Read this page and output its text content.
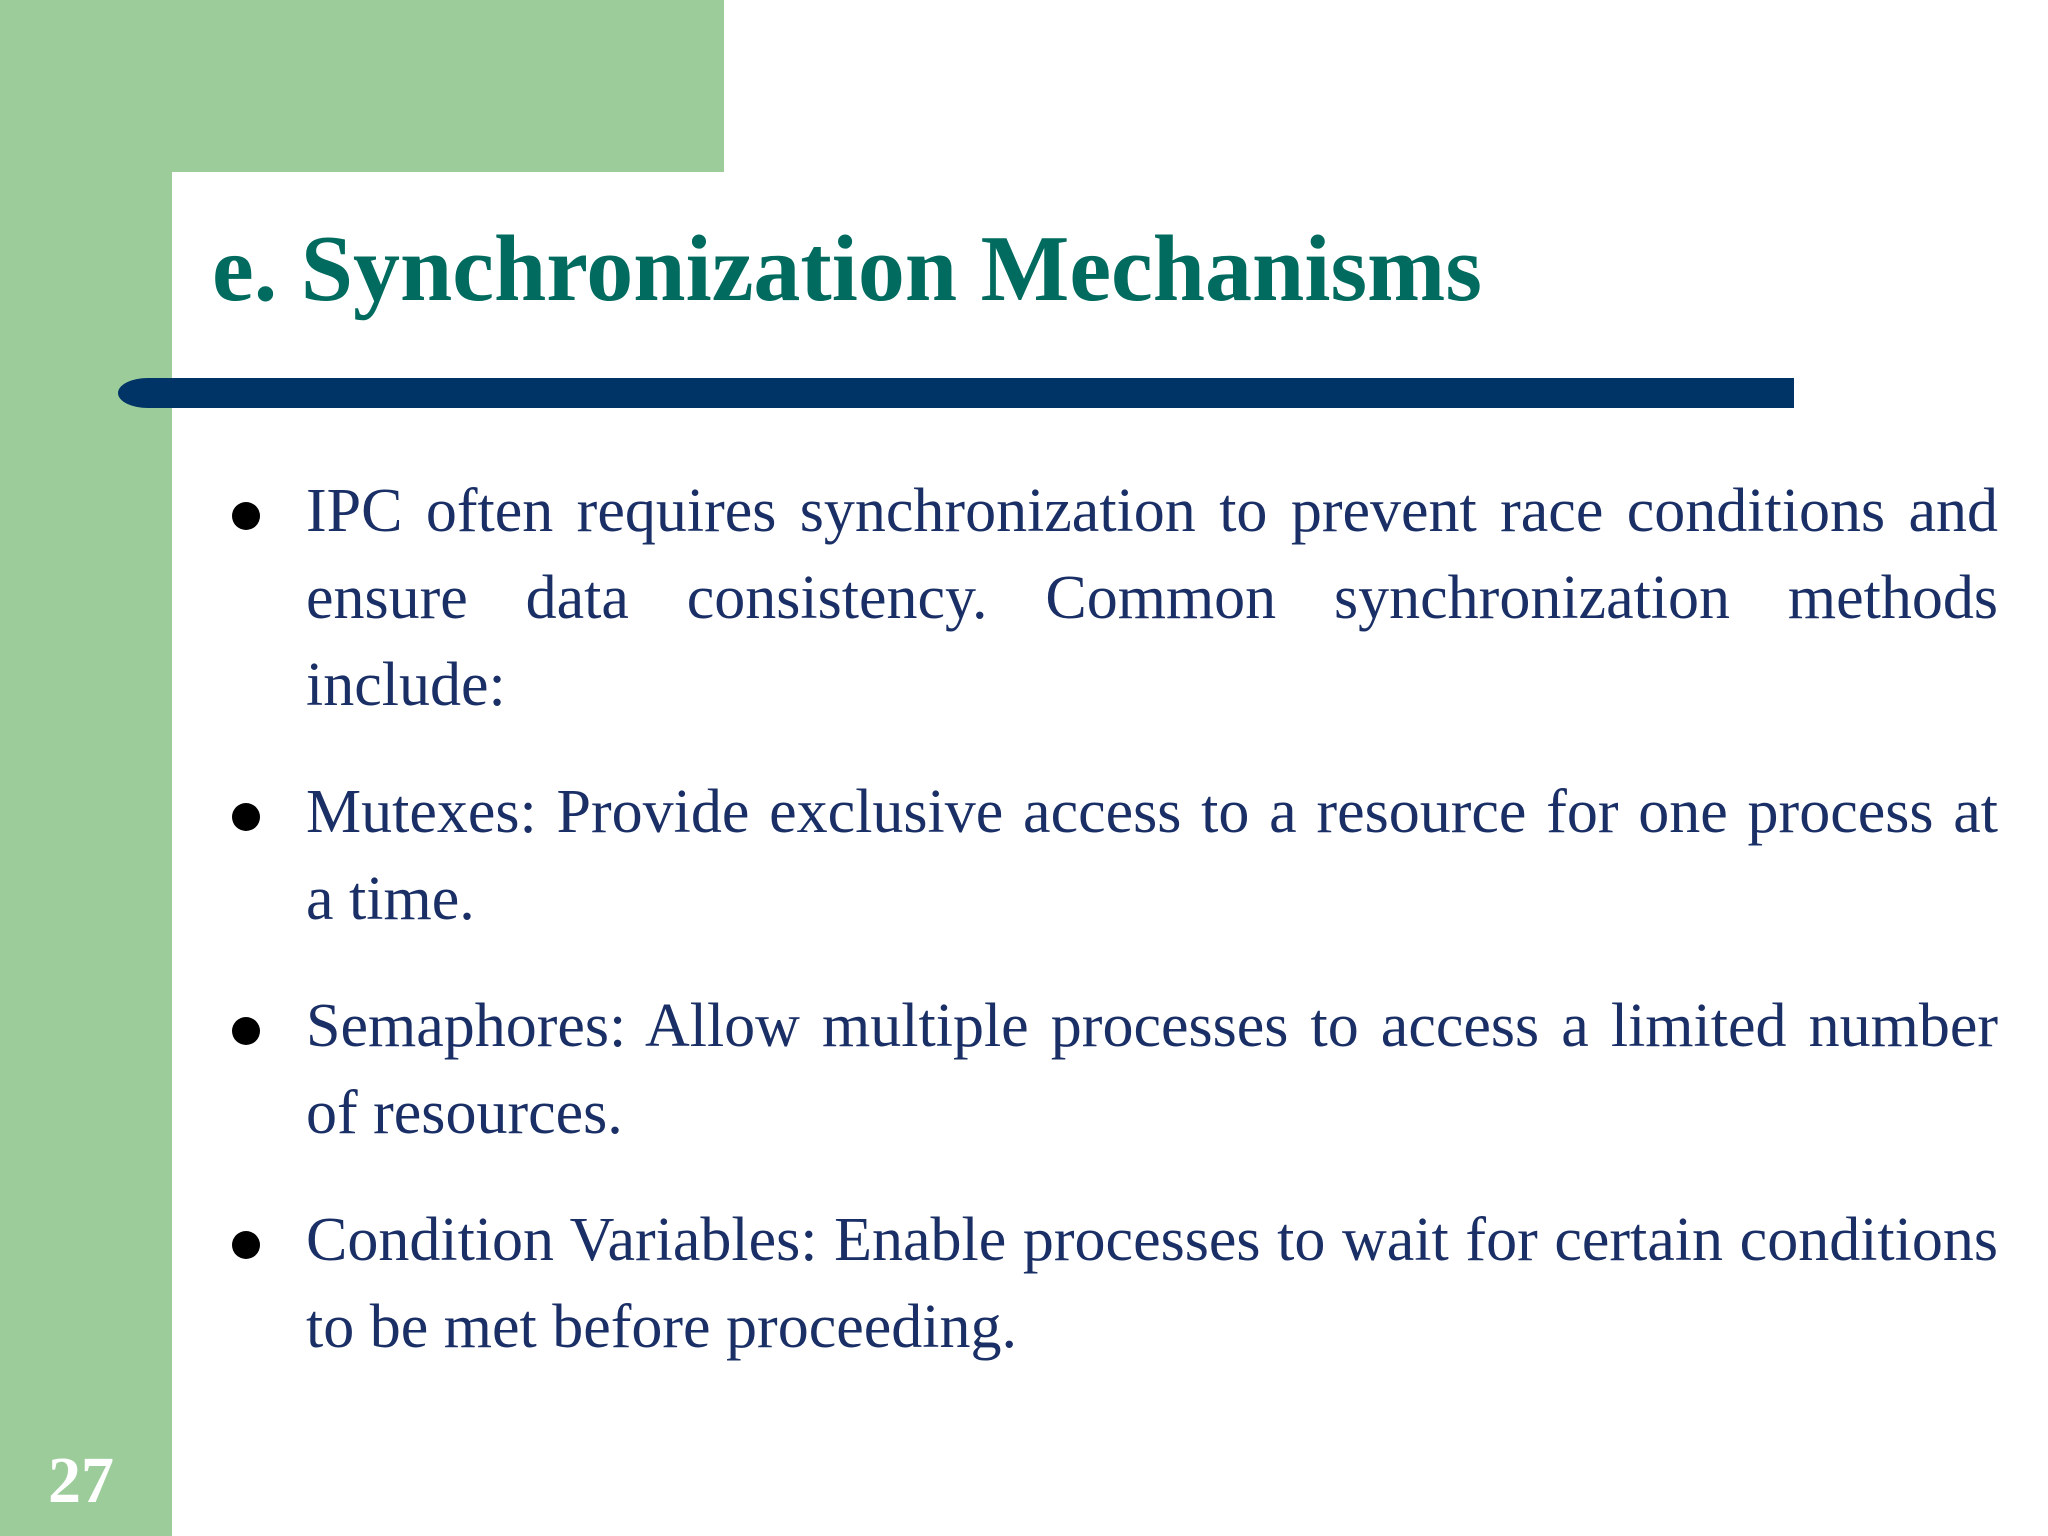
e. Synchronization Mechanisms
IPC often requires synchronization to prevent race conditions and ensure data consistency. Common synchronization methods include:
Mutexes: Provide exclusive access to a resource for one process at a time.
Semaphores: Allow multiple processes to access a limited number of resources.
Condition Variables: Enable processes to wait for certain conditions to be met before proceeding.
27
